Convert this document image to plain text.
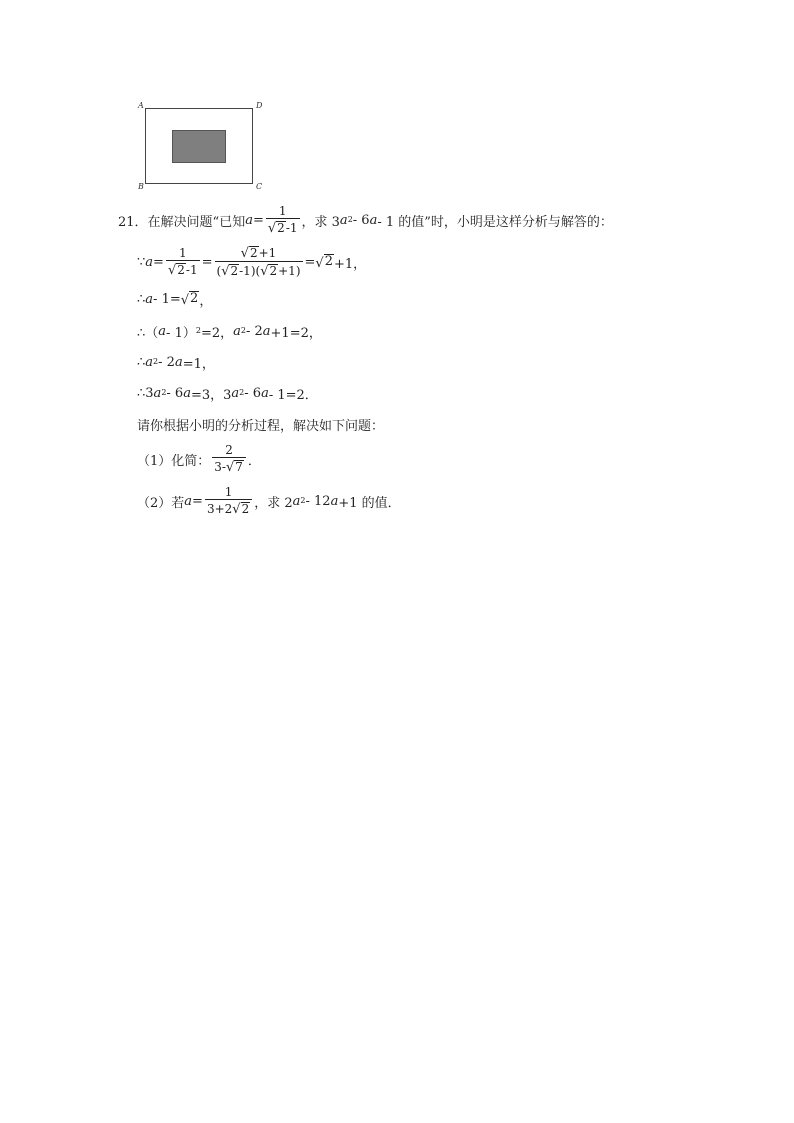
A	D
B	C
21． 在解决问题“已知 $a = \frac{1}{√ 2 -1}$ ，求 3 a 2 - 6 a - 1 的值”时，小明是这样分析与解答的：
∵ $a = \frac{1}{√ 2 -1} = \frac{√ 2 +1}{( √ 2 -1)( √ 2 +1)}$ = √ 2 +1，
∴ a - 1= √ 2 ，
∴（ a - 1） 2 =2， a 2 - 2 a +1=2，
∴ a 2 - 2 a =1，
∴3 a 2 - 6 a =3，3 a 2 - 6 a - 1=2．
请你根据小明的分析过程，解决如下问题：
（1）化简： $\frac{2}{3- √ 7}$ ．
（2）若 $a = \frac{1}{3+2 √ 2}$ ，求 2 a 2 - 12 a +1 的值．
